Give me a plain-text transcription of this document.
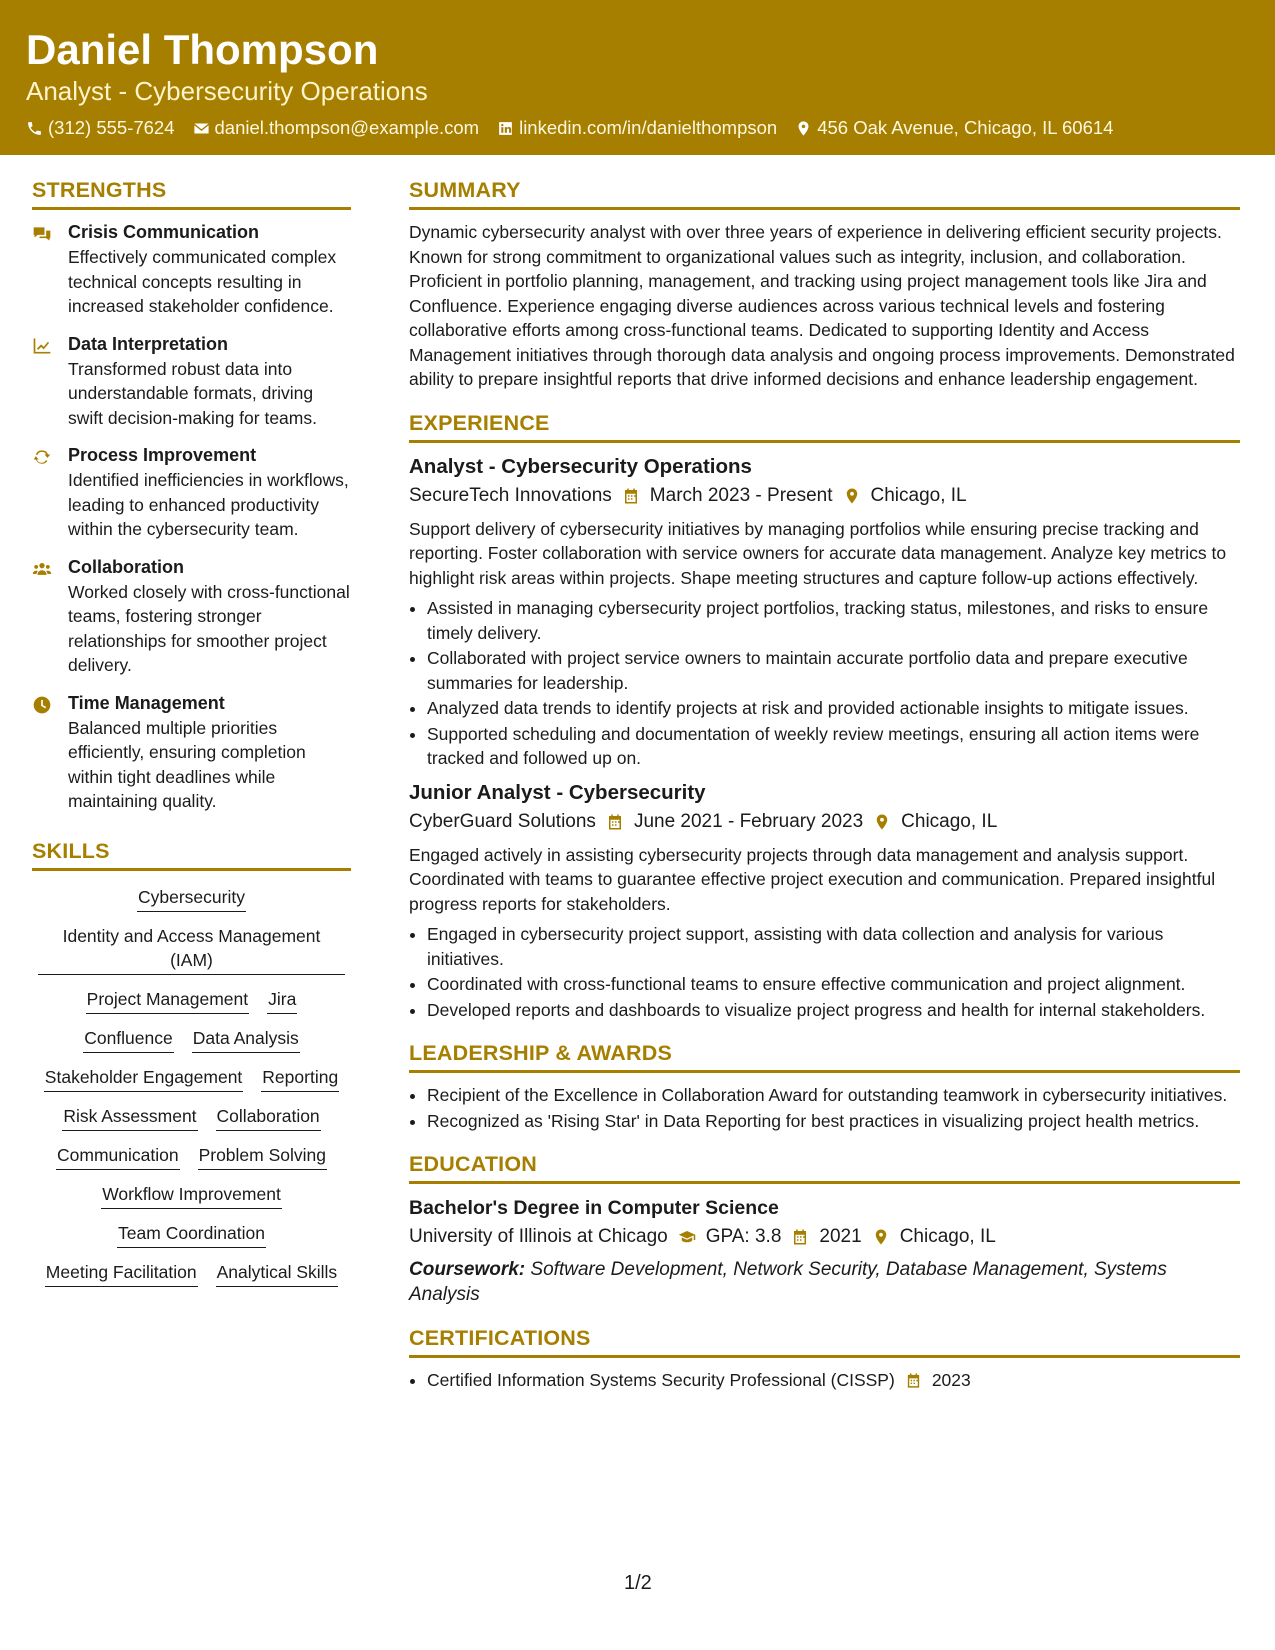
Daniel Thompson
Analyst - Cybersecurity Operations
(312) 555-7624 daniel.thompson@example.com linkedin.com/in/danielthompson 456 Oak Avenue, Chicago, IL 60614
STRENGTHS
Crisis Communication
Effectively communicated complex technical concepts resulting in increased stakeholder confidence.
Data Interpretation
Transformed robust data into understandable formats, driving swift decision-making for teams.
Process Improvement
Identified inefficiencies in workflows, leading to enhanced productivity within the cybersecurity team.
Collaboration
Worked closely with cross-functional teams, fostering stronger relationships for smoother project delivery.
Time Management
Balanced multiple priorities efficiently, ensuring completion within tight deadlines while maintaining quality.
SKILLS
Cybersecurity
Identity and Access Management (IAM)
Project Management Jira
Confluence Data Analysis
Stakeholder Engagement Reporting
Risk Assessment Collaboration
Communication Problem Solving
Workflow Improvement
Team Coordination
Meeting Facilitation Analytical Skills
SUMMARY

Dynamic cybersecurity analyst with over three years of experience in delivering efficient security projects. Known for strong commitment to organizational values such as integrity, inclusion, and collaboration. Proficient in portfolio planning, management, and tracking using project management tools like Jira and Confluence. Experience engaging diverse audiences across various technical levels and fostering collaborative efforts among cross-functional teams. Dedicated to supporting Identity and Access Management initiatives through thorough data analysis and ongoing process improvements. Demonstrated ability to prepare insightful reports that drive informed decisions and enhance leadership engagement.

EXPERIENCE
Analyst - Cybersecurity Operations
SecureTech Innovations March 2023 - Present Chicago, IL

Support delivery of cybersecurity initiatives by managing portfolios while ensuring precise tracking and reporting. Foster collaboration with service owners for accurate data management. Analyze key metrics to highlight risk areas within projects. Shape meeting structures and capture follow-up actions effectively.

• Assisted in managing cybersecurity project portfolios, tracking status, milestones, and risks to ensure timely delivery.
• Collaborated with project service owners to maintain accurate portfolio data and prepare executive summaries for leadership.
• Analyzed data trends to identify projects at risk and provided actionable insights to mitigate issues.
• Supported scheduling and documentation of weekly review meetings, ensuring all action items were tracked and followed up on.
Junior Analyst - Cybersecurity
CyberGuard Solutions June 2021 - February 2023 Chicago, IL

Engaged actively in assisting cybersecurity projects through data management and analysis support. Coordinated with teams to guarantee effective project execution and communication. Prepared insightful progress reports for stakeholders.

• Engaged in cybersecurity project support, assisting with data collection and analysis for various initiatives.
• Coordinated with cross-functional teams to ensure effective communication and project alignment.
• Developed reports and dashboards to visualize project progress and health for internal stakeholders.
LEADERSHIP & AWARDS
• Recipient of the Excellence in Collaboration Award for outstanding teamwork in cybersecurity initiatives.
• Recognized as 'Rising Star' in Data Reporting for best practices in visualizing project health metrics.
EDUCATION
Bachelor's Degree in Computer Science
University of Illinois at Chicago GPA: 3.8 2021 Chicago, IL
Coursework: Software Development, Network Security, Database Management, Systems Analysis
CERTIFICATIONS
• Certified Information Systems Security Professional (CISSP) 2023
1/2
